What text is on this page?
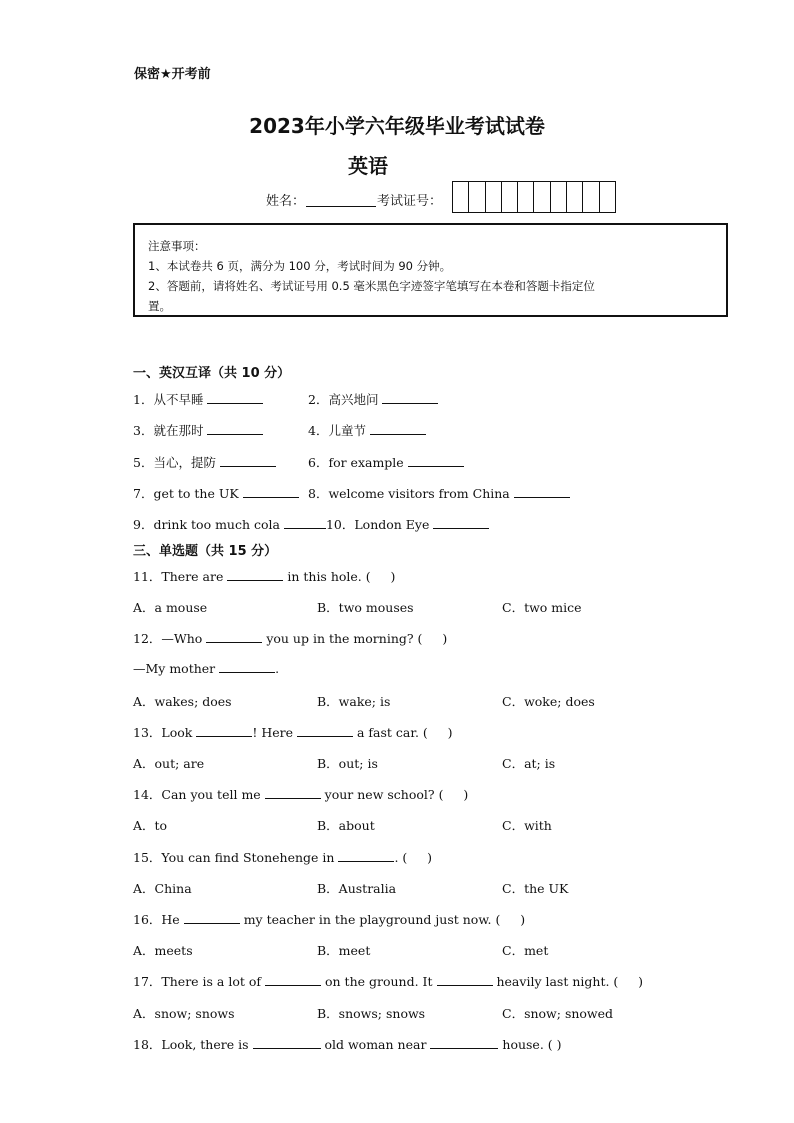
保密★开考前
2023年小学六年级毕业考试试卷
英语
姓名：	考试证号：
注意事项：
1、本试卷共 6 页，满分为 100 分，考试时间为 90 分钟。
2、答题前，请将姓名、考试证号用 0.5 毫米黑色字迹签字笔填写在本卷和答题卡指定位
置。
一、英汉互译（共 10 分）
1．从不早睡	2．高兴地问
3．就在那时	4．儿童节
5．当心，提防	6．for example
7．get to the UK	8．welcome visitors from China
9．drink too much cola	10．London Eye
三、单选题（共 15 分）
11．There are	in this hole. ( )
A．a mouse	B．two mouses	C．two mice
12．—Who	you up in the morning? ( )
—My mother	.
A．wakes; does	B．wake; is	C．woke; does
13．Look	! Here	a fast car. ( )
A．out; are	B．out; is	C．at; is
14．Can you tell me	your new school? ( )
A．to	B．about	C．with
15．You can find Stonehenge in	. ( )
A．China	B．Australia	C．the UK
16．He	my teacher in the playground just now. ( )
A．meets	B．meet	C．met
17．There is a lot of	on the ground. It	heavily last night. ( )
A．snow; snows	B．snows; snows	C．snow; snowed
18．Look, there is	old woman near	house. ( )
